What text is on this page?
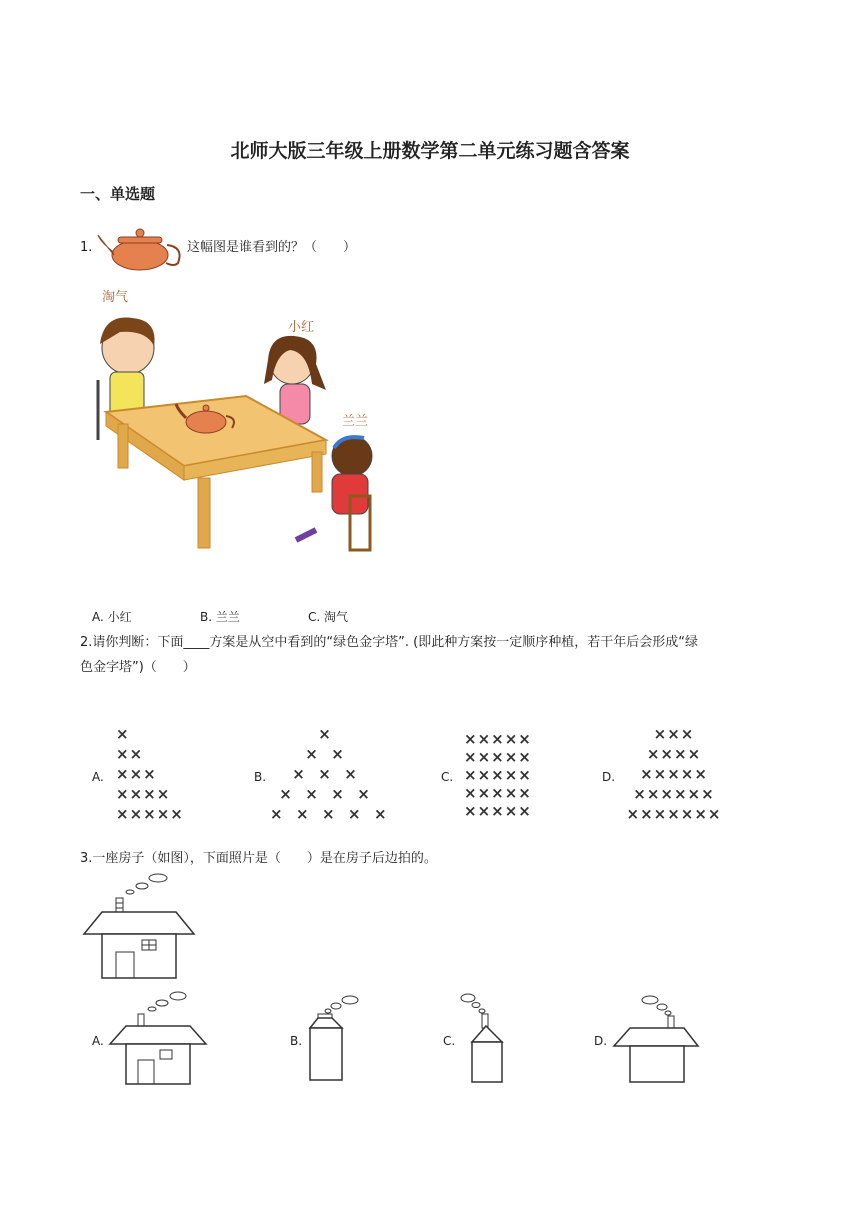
北师大版三年级上册数学第二单元练习题含答案
一、单选题
1.	这幅图是谁看到的？（　　）
淘气
小红
兰兰
A. 小红	B. 兰兰	C. 淘气
2.请你判断：下面____方案是从空中看到的“绿色金字塔”. (即此种方案按一定顺序种植，若干年后会形成“绿
色金字塔”)（　　）
A.
×
××
×××
××××
×××××
B.
×
×  ×
×  ×  ×
×  ×  ×  ×
×  ×  ×  ×  ×
C.
×××××
×××××
×××××
×××××
×××××
D.
×××
××××
×××××
××××××
×××××××
3.一座房子（如图），下面照片是（　　）是在房子后边拍的。
A.	B.	C.	D.
